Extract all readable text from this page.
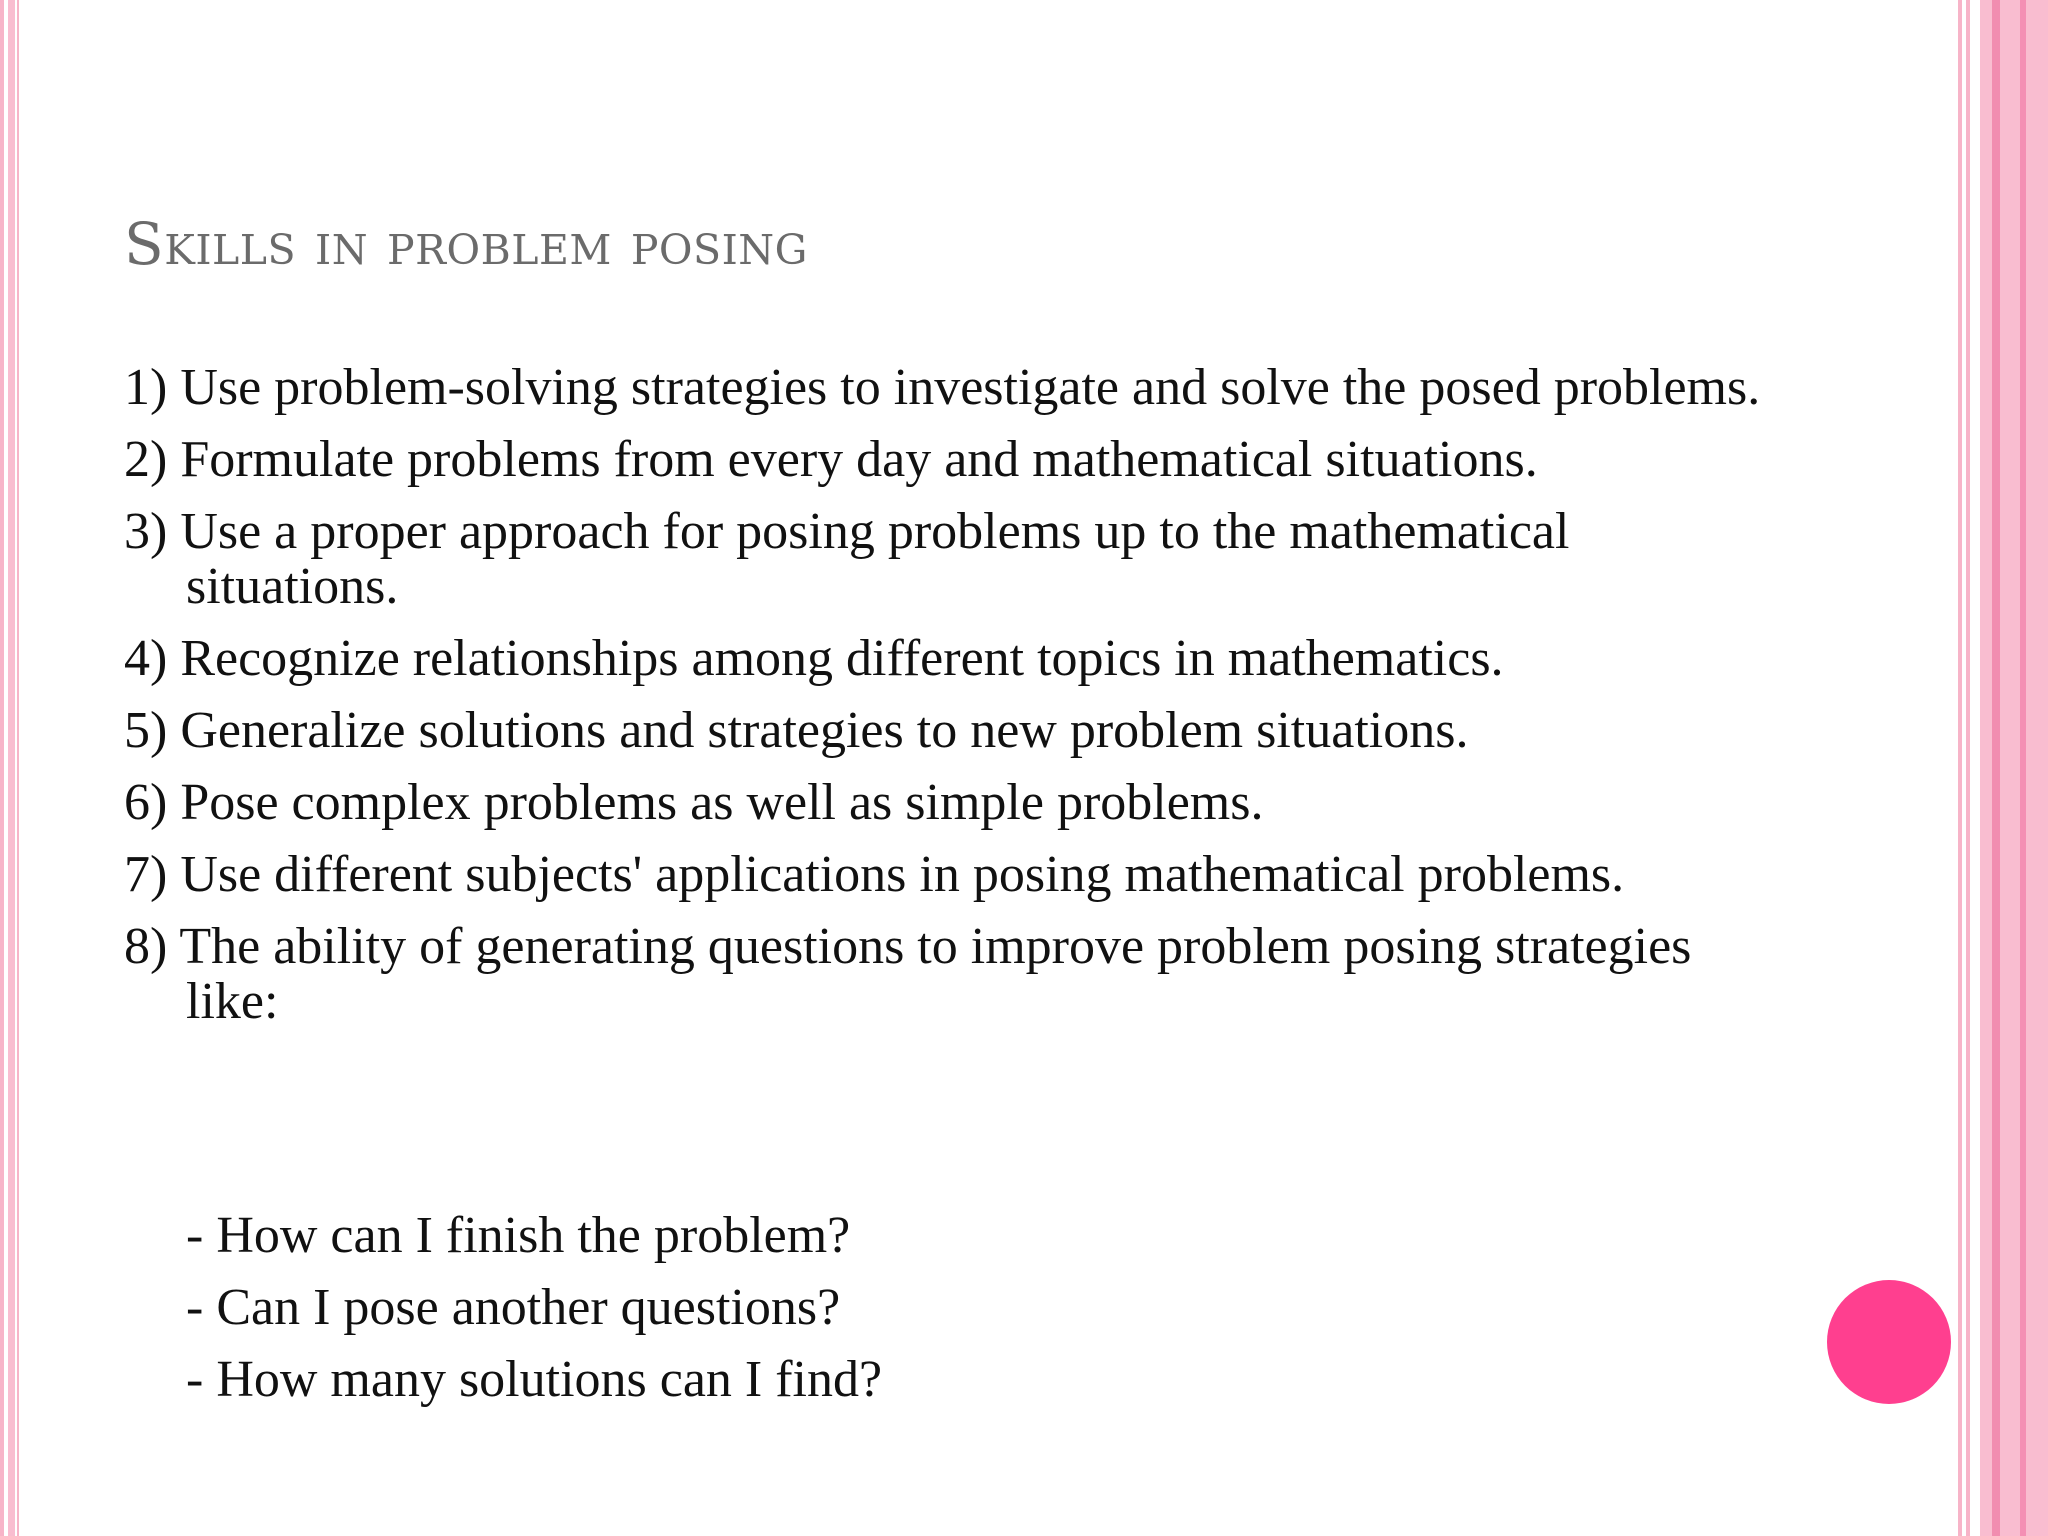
Skills in problem posing
1) Use problem-solving strategies to investigate and solve the posed problems.
2) Formulate problems from every day and mathematical situations.
3) Use a proper approach for posing problems up to the mathematical situations.
4) Recognize relationships among different topics in mathematics.
5) Generalize solutions and strategies to new problem situations.
6) Pose complex problems as well as simple problems.
7) Use different subjects' applications in posing mathematical problems.
8) The ability of generating questions to improve problem posing strategies like:
- How can I finish the problem?
- Can I pose another questions?
- How many solutions can I find?
